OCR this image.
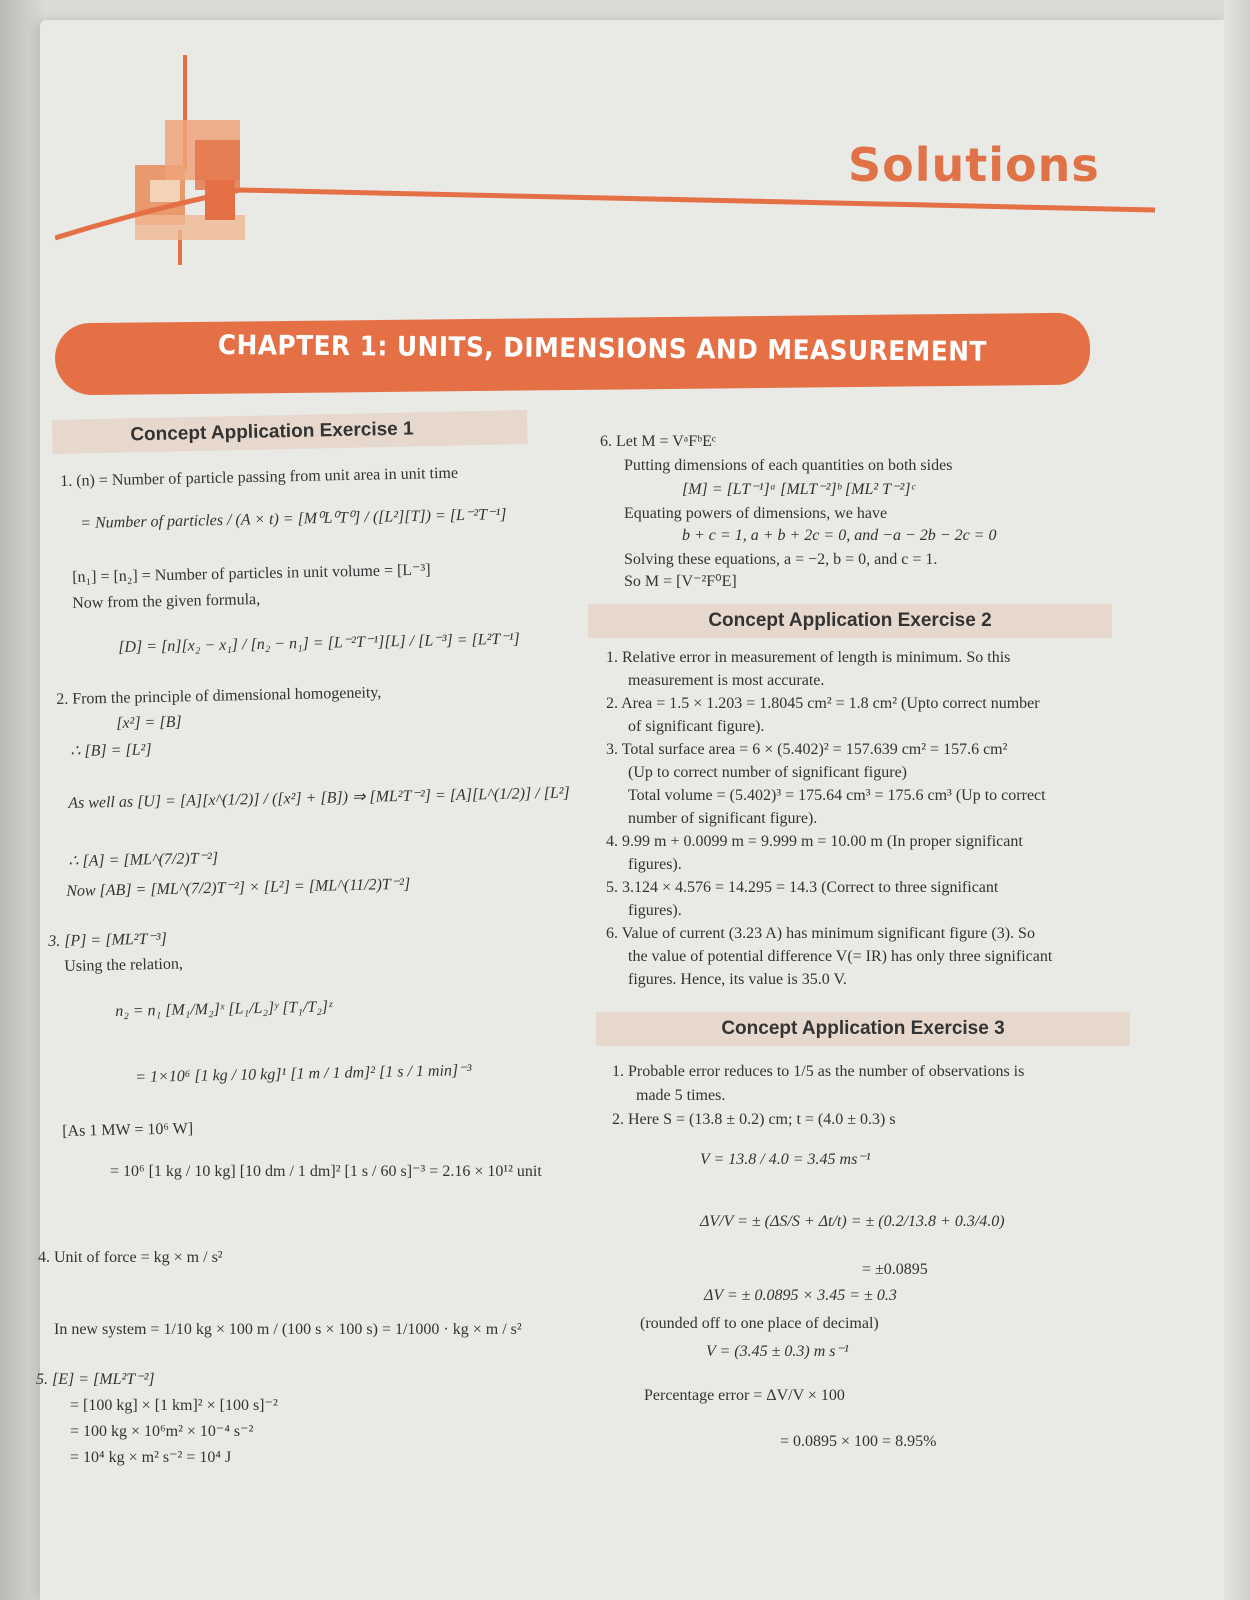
Solutions
CHAPTER 1: UNITS, DIMENSIONS AND MEASUREMENT
Concept Application Exercise 1
1. (n) = Number of particle passing from unit area in unit time
= Number of particles / (A × t) = [M⁰L⁰T⁰] / ([L²][T]) = [L⁻²T⁻¹]
[n₁] = [n₂] = Number of particles in unit volume = [L⁻³]
Now from the given formula,
[D] = [n][x₂ − x₁] / [n₂ − n₁] = [L⁻²T⁻¹][L] / [L⁻³] = [L²T⁻¹]
2. From the principle of dimensional homogeneity,
[x²] = [B]
∴ [B] = [L²]
As well as [U] = [A][x^(1/2)] / ([x²] + [B]) ⇒ [ML²T⁻²] = [A][L^(1/2)] / [L²]
∴ [A] = [ML^(7/2)T⁻²]
Now [AB] = [ML^(7/2)T⁻²] × [L²] = [ML^(11/2)T⁻²]
3. [P] = [ML²T⁻³]
Using the relation,
n₂ = n₁ [M₁/M₂]ˣ [L₁/L₂]ʸ [T₁/T₂]ᶻ
= 1×10⁶ [1 kg / 10 kg]¹ [1 m / 1 dm]² [1 s / 1 min]⁻³
[As 1 MW = 10⁶ W]
= 10⁶ [1 kg / 10 kg] [10 dm / 1 dm]² [1 s / 60 s]⁻³ = 2.16 × 10¹² unit
4. Unit of force = kg × m / s²
In new system = 1/10 kg × 100 m / (100 s × 100 s) = 1/1000 · kg × m / s²
5. [E] = [ML²T⁻²]
= [100 kg] × [1 km]² × [100 s]⁻²
= 100 kg × 10⁶m² × 10⁻⁴ s⁻²
= 10⁴ kg × m² s⁻² = 10⁴ J
6. Let M = VᵃFᵇEᶜ
Putting dimensions of each quantities on both sides
[M] = [LT⁻¹]ᵃ [MLT⁻²]ᵇ [ML² T⁻²]ᶜ
Equating powers of dimensions, we have
b + c = 1, a + b + 2c = 0, and −a − 2b − 2c = 0
Solving these equations, a = −2, b = 0, and c = 1.
So M = [V⁻²F⁰E]
Concept Application Exercise 2
1. Relative error in measurement of length is minimum. So this
measurement is most accurate.
2. Area = 1.5 × 1.203 = 1.8045 cm² = 1.8 cm² (Upto correct number
of significant figure).
3. Total surface area = 6 × (5.402)² = 157.639 cm² = 157.6 cm²
(Up to correct number of significant figure)
Total volume = (5.402)³ = 175.64 cm³ = 175.6 cm³ (Up to correct
number of significant figure).
4. 9.99 m + 0.0099 m = 9.999 m = 10.00 m (In proper significant
figures).
5. 3.124 × 4.576 = 14.295 = 14.3 (Correct to three significant
figures).
6. Value of current (3.23 A) has minimum significant figure (3). So
the value of potential difference V(= IR) has only three significant
figures. Hence, its value is 35.0 V.
Concept Application Exercise 3
1. Probable error reduces to 1/5 as the number of observations is
made 5 times.
2. Here S = (13.8 ± 0.2) cm; t = (4.0 ± 0.3) s
V = 13.8 / 4.0 = 3.45 ms⁻¹
ΔV/V = ± (ΔS/S + Δt/t) = ± (0.2/13.8 + 0.3/4.0)
= ±0.0895
ΔV = ± 0.0895 × 3.45 = ± 0.3
(rounded off to one place of decimal)
V = (3.45 ± 0.3) m s⁻¹
Percentage error = ΔV/V × 100
= 0.0895 × 100 = 8.95%
